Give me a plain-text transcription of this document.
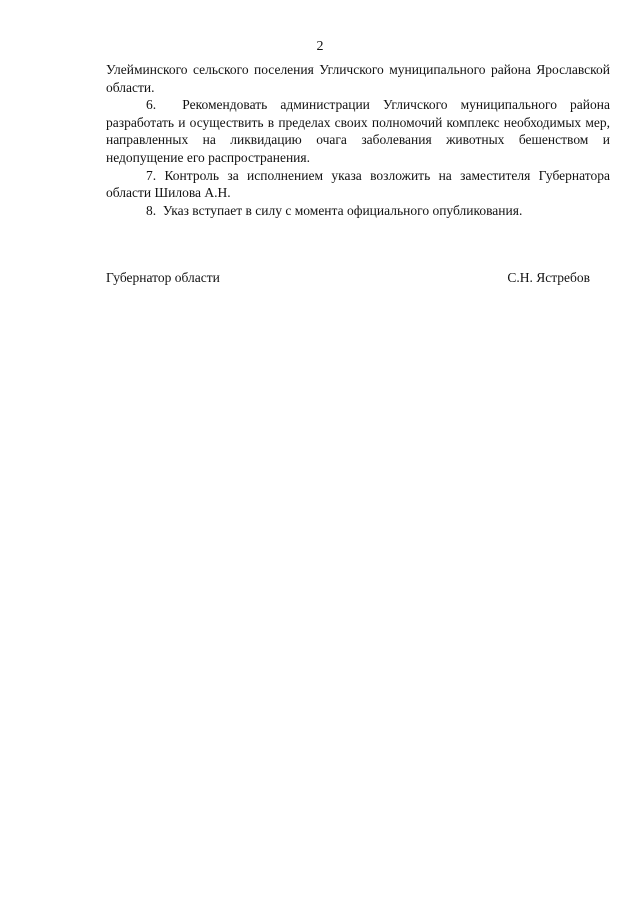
2

Улейминского сельского поселения Угличского муниципального района Ярославской области.

6.  Рекомендовать администрации Угличского муниципального района разработать и осуществить в пределах своих полномочий комплекс необходимых мер, направленных на ликвидацию очага заболевания животных бешенством и недопущение его распространения.

7. Контроль за исполнением указа возложить на заместителя Губернатора области Шилова А.Н.

8.  Указ вступает в силу с момента официального опубликования.

Губернатор области	С.Н. Ястребов
